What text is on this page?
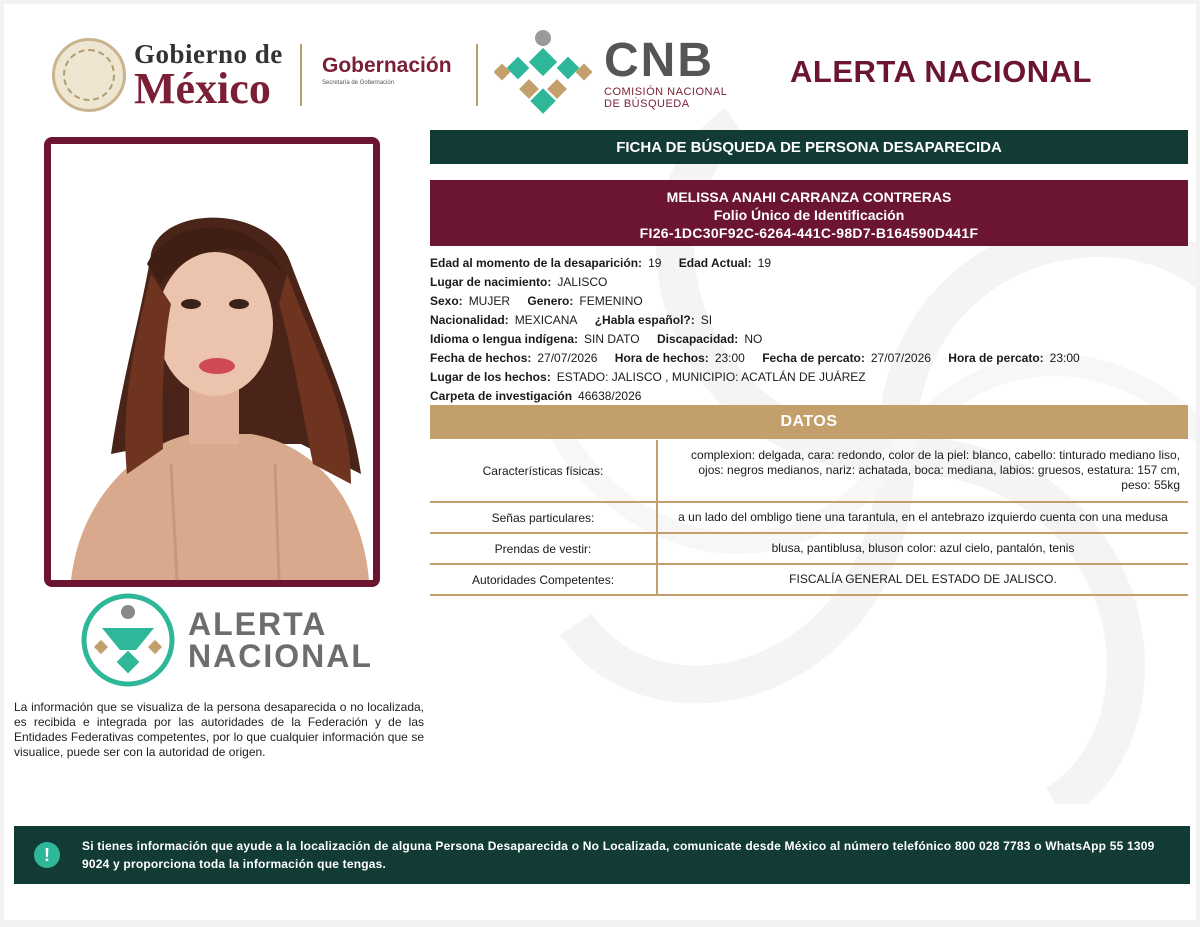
Gobierno de
México	Gobernación
Secretaría de Gobernación	CNB
COMISIÓN NACIONAL
DE BÚSQUEDA
ALERTA NACIONAL
ALERTA
NACIONAL
La información que se visualiza de la persona desaparecida o no localizada, es recibida e integrada por las autoridades de la Federación y de las Entidades Federativas competentes, por lo que cualquier información que se visualice, puede ser con la autoridad de origen.
FICHA DE BÚSQUEDA DE PERSONA DESAPARECIDA
MELISSA ANAHI CARRANZA CONTRERAS
Folio Único de Identificación
FI26-1DC30F92C-6264-441C-98D7-B164590D441F
Edad al momento de la desaparición: 19 Edad Actual: 19
Lugar de nacimiento: JALISCO
Sexo: MUJER Genero: FEMENINO
Nacionalidad: MEXICANA ¿Habla español?: SI
Idioma o lengua indígena: SIN DATO Discapacidad: NO
Fecha de hechos: 27/07/2026 Hora de hechos: 23:00 Fecha de percato: 27/07/2026 Hora de percato: 23:00
Lugar de los hechos: ESTADO: JALISCO , MUNICIPIO: ACATLÁN DE JUÁREZ
Carpeta de investigación 46638/2026
DATOS
Características físicas:	complexion: delgada, cara: redondo, color de la piel: blanco, cabello: tinturado mediano liso, ojos: negros medianos, nariz: achatada, boca: mediana, labios: gruesos, estatura: 157 cm, peso: 55kg
Señas particulares:	a un lado del ombligo tiene una tarantula, en el antebrazo izquierdo cuenta con una medusa
Prendas de vestir:	blusa, pantiblusa, bluson color: azul cielo, pantalón, tenis
Autoridades Competentes:	FISCALÍA GENERAL DEL ESTADO DE JALISCO.
!	Si tienes información que ayude a la localización de alguna Persona Desaparecida o No Localizada, comunicate desde México al número telefónico 800 028 7783 o WhatsApp 55 1309 9024 y proporciona toda la información que tengas.
